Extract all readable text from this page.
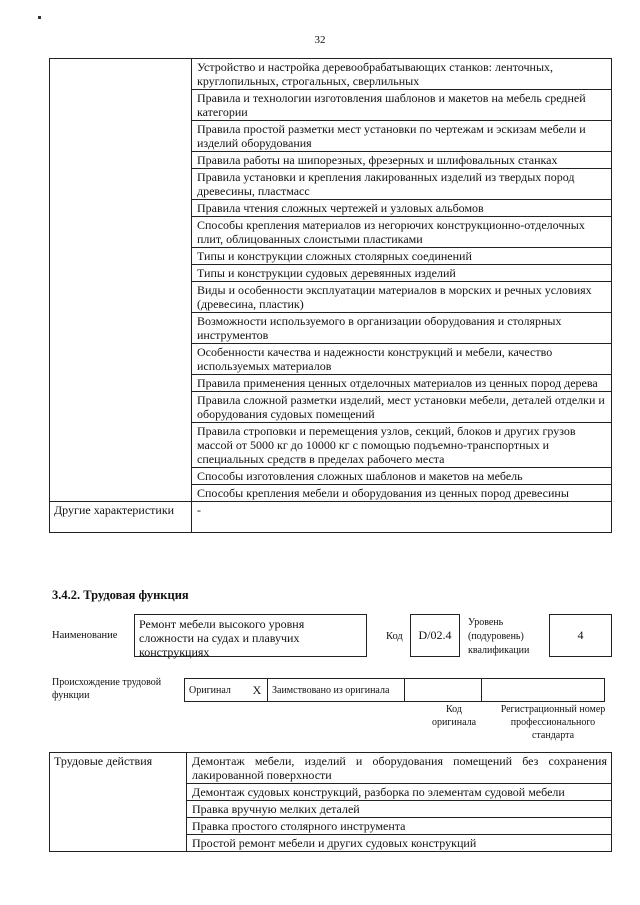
32
	Устройство и настройка деревообрабатывающих станков: ленточных, круглопильных, строгальных, сверлильных
	Правила и технологии изготовления шаблонов и макетов на мебель средней категории
	Правила простой разметки мест установки по чертежам и эскизам мебели и изделий оборудования
	Правила работы на шипорезных, фрезерных и шлифовальных станках
	Правила установки и крепления лакированных изделий из твердых пород древесины, пластмасс
	Правила чтения сложных чертежей и узловых альбомов
	Способы крепления материалов из негорючих конструкционно-отделочных плит, облицованных слоистыми пластиками
	Типы и конструкции сложных столярных соединений
	Типы и конструкции судовых деревянных изделий
	Виды и особенности эксплуатации материалов в морских и речных условиях (древесина, пластик)
	Возможности используемого в организации оборудования и столярных инструментов
	Особенности качества и надежности конструкций и мебели, качество используемых материалов
	Правила применения ценных отделочных материалов из ценных пород дерева
	Правила сложной разметки изделий, мест установки мебели, деталей отделки и оборудования судовых помещений
	Правила строповки и перемещения узлов, секций, блоков и других грузов массой от 5000 кг до 10000 кг с помощью подъемно-транспортных и специальных средств в пределах рабочего места
	Способы изготовления сложных шаблонов и макетов на мебель
	Способы крепления мебели и оборудования из ценных пород древесины
Другие характеристики	-
3.4.2. Трудовая функция
Наименование
Ремонт мебели высокого уровня сложности на судах и плавучих конструкциях
Код	D/02.4
Уровень (подуровень) квалификации
4
Происхождение трудовой функции	Оригинал	X	Заимствовано из оригинала		
Код оригинала
Регистрационный номер профессионального стандарта
Трудовые действия	Демонтаж мебели, изделий и оборудования помещений без сохранения лакированной поверхности
Демонтаж судовых конструкций, разборка по элементам судовой мебели
Правка вручную мелких деталей
Правка простого столярного инструмента
Простой ремонт мебели и других судовых конструкций
